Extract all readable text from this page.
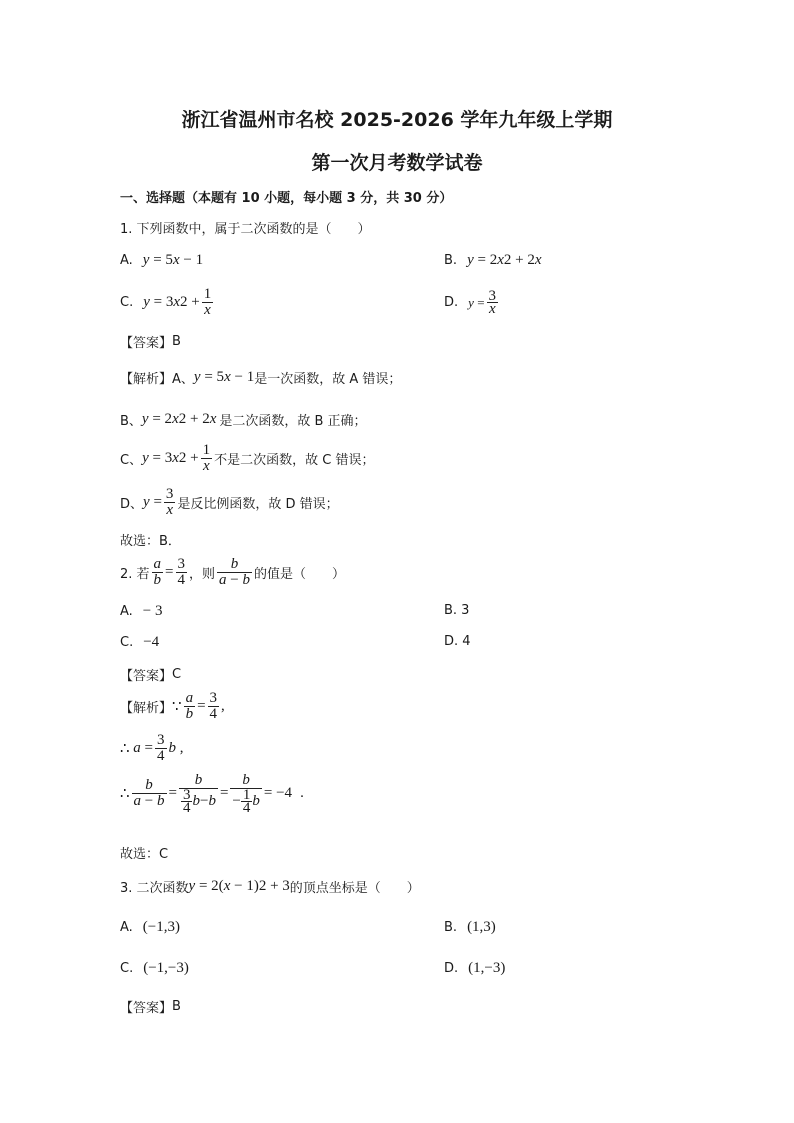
浙江省温州市名校 2025-2026 学年九年级上学期
第一次月考数学试卷
一、选择题（本题有 10 小题，每小题 3 分，共 30 分）
1. 下列函数中，属于二次函数的是（　　）
A. y = 5 x − 1	B. y = 2 x 2 + 2 x
C. y = 3 x $2 + \frac{1}{x}$	D. $y = \frac{3}{x}$
【答案】 B
【解析】 A、 y = 5 x − 1 是一次函数，故 A 错误；
B、 y = 2 x 2 + 2 x 是二次函数，故 B 正确；
C、 y = 3 x $2 + \frac{1}{x}$ 不是二次函数，故 C 错误；
D、 $y = \frac{3}{x}$ 是反比例函数，故 D 错误；
故选：B．
2. 若 $\frac{a}{b} = \frac{3}{4}$ ，则 $\frac{b}{a - b}$ 的值是（　　）
A. − 3	B. 3
C. −4	D. 4
【答案】 C
【解析】 ∵ $\frac{a}{b} = \frac{3}{4}$ ,
∴ $a = \frac{3}{4}$ b ,
∴ $\frac{b}{a - b} = \frac{b}{\frac{3}{4} b - b} = \frac{b}{- \frac{1}{4} b} = -4$ .
故选：C
3. 二次函数 y = 2( x − 1) 2 + 3 的顶点坐标是（　　）
A. (−1,3)	B. (1,3)
C. (−1,−3)	D. (1,−3)
【答案】 B
